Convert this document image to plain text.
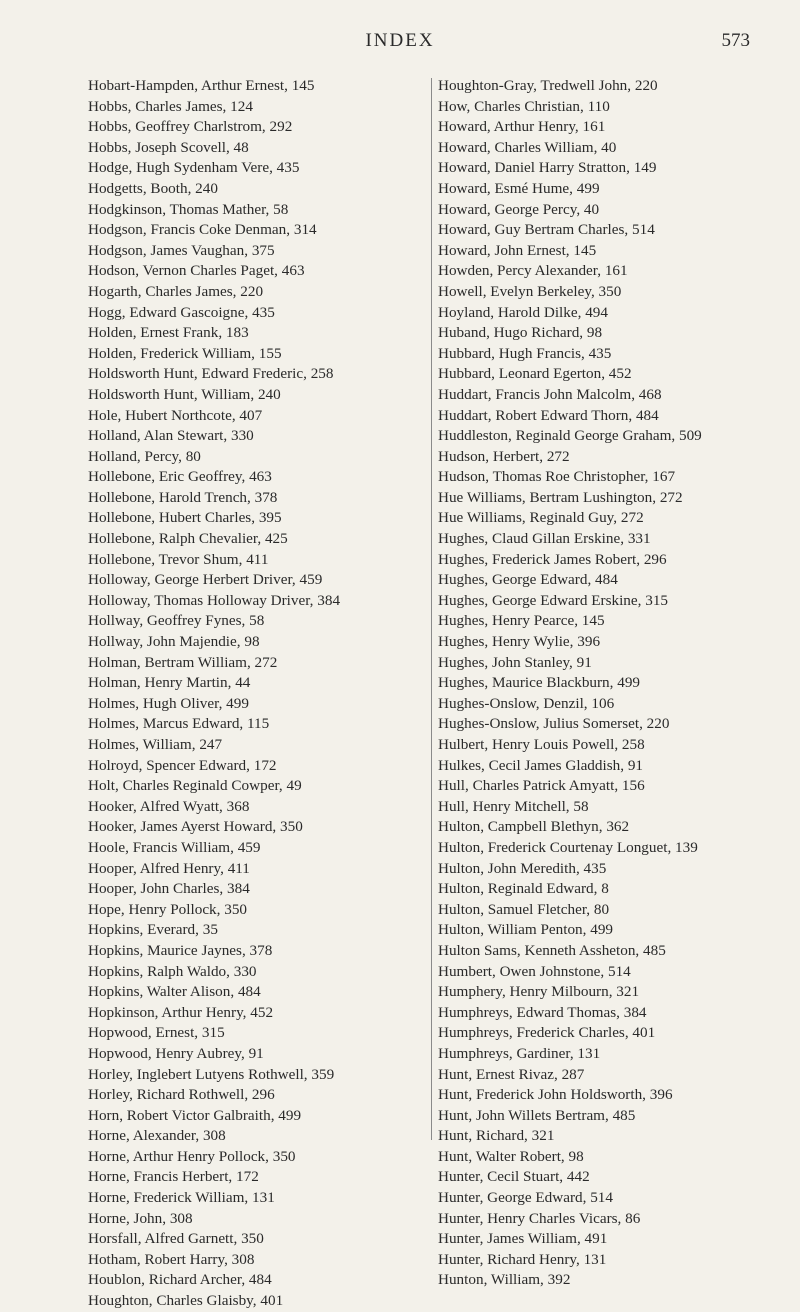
INDEX	573
Hobart-Hampden, Arthur Ernest, 145
Hobbs, Charles James, 124
Hobbs, Geoffrey Charlstrom, 292
Hobbs, Joseph Scovell, 48
Hodge, Hugh Sydenham Vere, 435
Hodgetts, Booth, 240
Hodgkinson, Thomas Mather, 58
Hodgson, Francis Coke Denman, 314
Hodgson, James Vaughan, 375
Hodson, Vernon Charles Paget, 463
Hogarth, Charles James, 220
Hogg, Edward Gascoigne, 435
Holden, Ernest Frank, 183
Holden, Frederick William, 155
Holdsworth Hunt, Edward Frederic, 258
Holdsworth Hunt, William, 240
Hole, Hubert Northcote, 407
Holland, Alan Stewart, 330
Holland, Percy, 80
Hollebone, Eric Geoffrey, 463
Hollebone, Harold Trench, 378
Hollebone, Hubert Charles, 395
Hollebone, Ralph Chevalier, 425
Hollebone, Trevor Shum, 411
Holloway, George Herbert Driver, 459
Holloway, Thomas Holloway Driver, 384
Hollway, Geoffrey Fynes, 58
Hollway, John Majendie, 98
Holman, Bertram William, 272
Holman, Henry Martin, 44
Holmes, Hugh Oliver, 499
Holmes, Marcus Edward, 115
Holmes, William, 247
Holroyd, Spencer Edward, 172
Holt, Charles Reginald Cowper, 49
Hooker, Alfred Wyatt, 368
Hooker, James Ayerst Howard, 350
Hoole, Francis William, 459
Hooper, Alfred Henry, 411
Hooper, John Charles, 384
Hope, Henry Pollock, 350
Hopkins, Everard, 35
Hopkins, Maurice Jaynes, 378
Hopkins, Ralph Waldo, 330
Hopkins, Walter Alison, 484
Hopkinson, Arthur Henry, 452
Hopwood, Ernest, 315
Hopwood, Henry Aubrey, 91
Horley, Inglebert Lutyens Rothwell, 359
Horley, Richard Rothwell, 296
Horn, Robert Victor Galbraith, 499
Horne, Alexander, 308
Horne, Arthur Henry Pollock, 350
Horne, Francis Herbert, 172
Horne, Frederick William, 131
Horne, John, 308
Horsfall, Alfred Garnett, 350
Hotham, Robert Harry, 308
Houblon, Richard Archer, 484
Houghton, Charles Glaisby, 401
Houghton-Gray, Tredwell John, 220
How, Charles Christian, 110
Howard, Arthur Henry, 161
Howard, Charles William, 40
Howard, Daniel Harry Stratton, 149
Howard, Esmé Hume, 499
Howard, George Percy, 40
Howard, Guy Bertram Charles, 514
Howard, John Ernest, 145
Howden, Percy Alexander, 161
Howell, Evelyn Berkeley, 350
Hoyland, Harold Dilke, 494
Huband, Hugo Richard, 98
Hubbard, Hugh Francis, 435
Hubbard, Leonard Egerton, 452
Huddart, Francis John Malcolm, 468
Huddart, Robert Edward Thorn, 484
Huddleston, Reginald George Graham, 509
Hudson, Herbert, 272
Hudson, Thomas Roe Christopher, 167
Hue Williams, Bertram Lushington, 272
Hue Williams, Reginald Guy, 272
Hughes, Claud Gillan Erskine, 331
Hughes, Frederick James Robert, 296
Hughes, George Edward, 484
Hughes, George Edward Erskine, 315
Hughes, Henry Pearce, 145
Hughes, Henry Wylie, 396
Hughes, John Stanley, 91
Hughes, Maurice Blackburn, 499
Hughes-Onslow, Denzil, 106
Hughes-Onslow, Julius Somerset, 220
Hulbert, Henry Louis Powell, 258
Hulkes, Cecil James Gladdish, 91
Hull, Charles Patrick Amyatt, 156
Hull, Henry Mitchell, 58
Hulton, Campbell Blethyn, 362
Hulton, Frederick Courtenay Longuet, 139
Hulton, John Meredith, 435
Hulton, Reginald Edward, 8
Hulton, Samuel Fletcher, 80
Hulton, William Penton, 499
Hulton Sams, Kenneth Assheton, 485
Humbert, Owen Johnstone, 514
Humphery, Henry Milbourn, 321
Humphreys, Edward Thomas, 384
Humphreys, Frederick Charles, 401
Humphreys, Gardiner, 131
Hunt, Ernest Rivaz, 287
Hunt, Frederick John Holdsworth, 396
Hunt, John Willets Bertram, 485
Hunt, Richard, 321
Hunt, Walter Robert, 98
Hunter, Cecil Stuart, 442
Hunter, George Edward, 514
Hunter, Henry Charles Vicars, 86
Hunter, James William, 491
Hunter, Richard Henry, 131
Hunton, William, 392
